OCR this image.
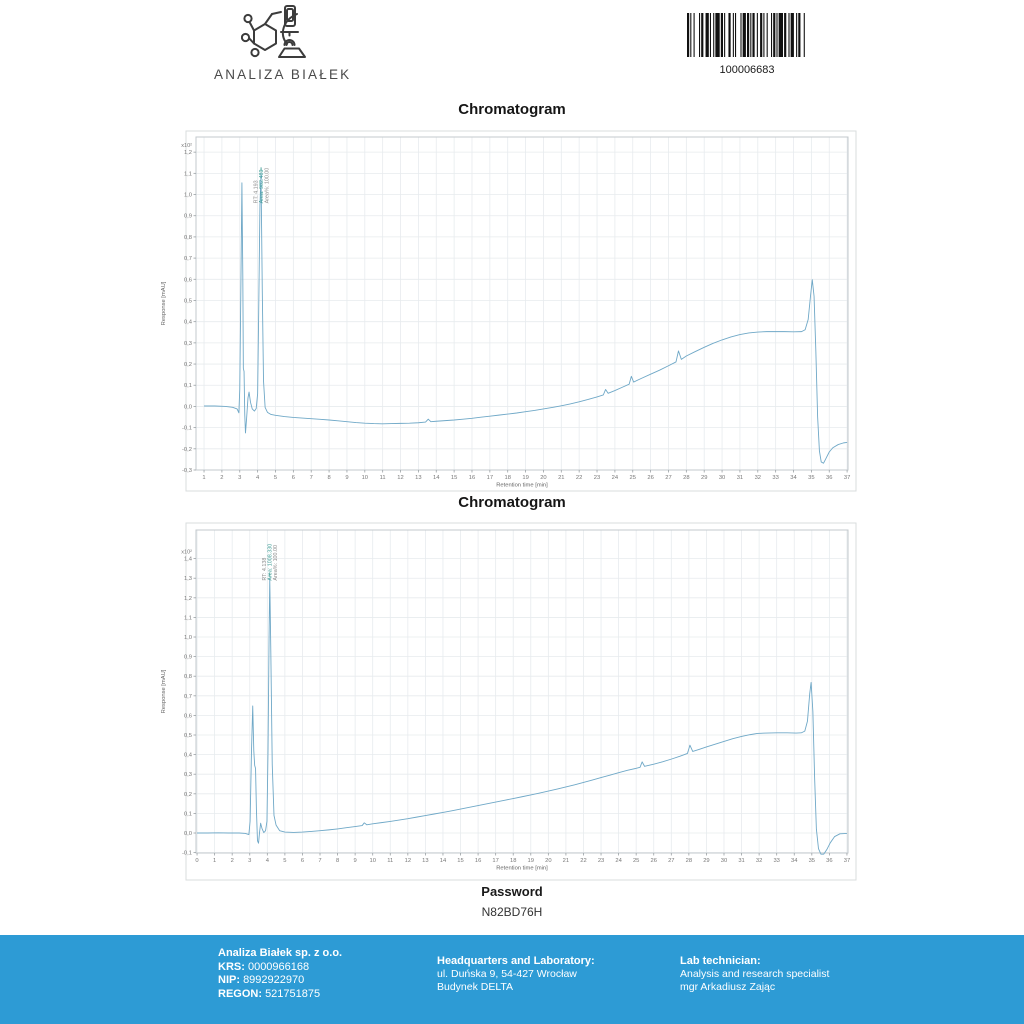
ANALIZA BIAŁEK	100006683
Chromatogram
1	2	3	4	5	6	7	8	9 10 11 12 13 14 15 16 17 18 19 20 21 22 23 24 25 26 27 28 29 30 31 32 33 34 35 36 37
1,2
1,1
1,0
0,9
0,8
0,7
0,6
0,5
0,4
0,3
0,2
0,1
0,0
-0,1
-0,2
-0,3
x10²
Retention time [min]
Response [mAU]
RT: 4.193 Area: 982.480 Area%: 100.00
Chromatogram
0 1 2 3 4 5 6 7 8 9 10 11 12 13 14 15 16 17 18 19 20 21 22 23 24 25 26 27 28 29 30 31 32 33 34 35 36 37
1,4
1,3
1,2
1,1
1,0
0,9
0,8
0,7
0,6
0,5
0,4
0,3
0,2
0,1
0,0
-0,1
x10²
Retention time [min]
Response [mAU]
RT: 4.138 Area: 1008.330 Area%: 100.00
Password
N82BD76H
Analiza Białek sp. z o.o.
KRS: 0000966168
NIP: 8992922970
REGON: 521751875
Headquarters and Laboratory:
ul. Duńska 9, 54-427 Wrocław
Budynek DELTA
Lab technician:
Analysis and research specialist
mgr Arkadiusz Zając
